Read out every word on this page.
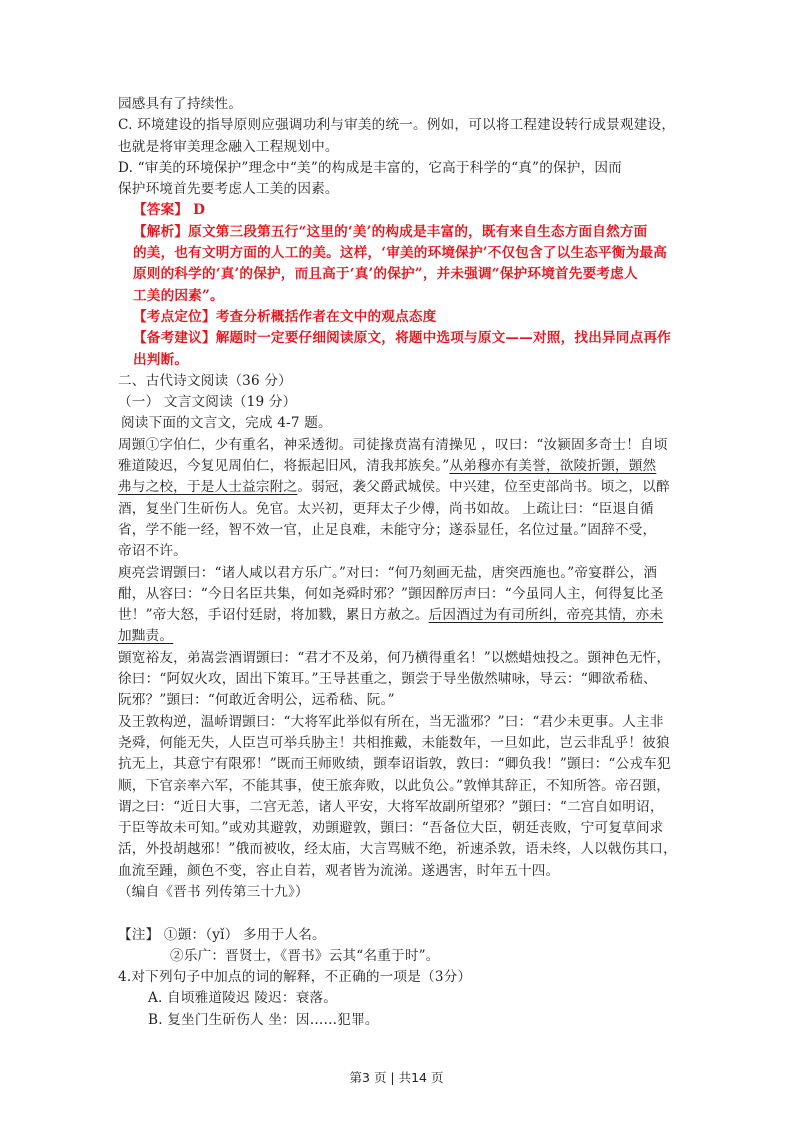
园感具有了持续性。
C. 环境建设的指导原则应强调功利与审美的统一。例如，可以将工程建设转行成景观建设，
也就是将审美理念融入工程规划中。
D. “审美的环境保护”理念中“美”的构成是丰富的，它高于科学的“真”的保护，因而
保护环境首先要考虑人工美的因素。
【答案】 D
【解析】原文第三段第五行“这里的‘美’的构成是丰富的，既有来自生态方面自然方面
的美，也有文明方面的人工的美。这样，‘审美的环境保护’不仅包含了以生态平衡为最高
原则的科学的‘真’的保护，而且高于‘真’的保护”，并未强调“保护环境首先要考虑人
工美的因素”。
【考点定位】考查分析概括作者在文中的观点态度
【备考建议】解题时一定要仔细阅读原文，将题中选项与原文——对照，找出异同点再作
出判断。
二、古代诗文阅读（36 分）
（一） 文言文阅读（19 分）
阅读下面的文言文，完成 4-7 题。
周顗①字伯仁，少有重名，神采透彻。司徒掾贲嵩有清操见 ，叹曰：“汝颍固多奇士！自顷
雅道陵迟，今复见周伯仁，将振起旧风，清我邦族矣。”从弟穆亦有美誉，欲陵折顗，顗然
弗与之校，于是人士益宗附之。弱冠，袭父爵武城侯。中兴建，位至吏部尚书。顷之，以醉
酒，复坐门生斫伤人。免官。太兴初，更拜太子少傅，尚书如故。 上疏让曰：“臣退自循
省，学不能一经，智不效一官，止足良难，未能守分；遂忝显任，名位过量。”固辞不受，
帝诏不许。
庾亮尝谓顗曰：“诸人咸以君方乐广。”对曰：“何乃刻画无盐，唐突西施也。”帝宴群公，酒
酣，从容曰：“今日名臣共集，何如尧舜时邪？”顗因醉厉声曰：“今虽同人主，何得复比圣
世！”帝大怒，手诏付廷尉，将加戮，累日方赦之。后因酒过为有司所纠，帝亮其情，亦未
加黜责。
顗宽裕友，弟嵩尝酒谓顗曰：“君才不及弟，何乃横得重名！”以燃蜡烛投之。顗神色无忤，
徐曰：“阿奴火攻，固出下策耳。”王导甚重之，顗尝于导坐傲然啸咏，导云：“卿欲希嵇、
阮邪？”顗曰：“何敢近舍明公，远希嵇、阮。”
及王敦构逆，温峤谓顗曰：“大将军此举似有所在，当无滥邪？”曰：“君少未更事。人主非
尧舜，何能无失，人臣岂可举兵胁主！共相推戴，未能数年，一旦如此，岂云非乱乎！彼狼
抗无上，其意宁有限邪！”既而王师败绩，顗奉诏诣敦，敦曰：“卿负我！”顗曰：“公戎车犯
顺，下官亲率六军，不能其事，使王旅奔败，以此负公。”敦惮其辞正，不知所答。帝召顗，
谓之曰：“近日大事，二宫无恙，诸人平安，大将军故副所望邪？”顗曰：“二宫自如明诏，
于臣等故未可知。”或劝其避敦，劝顗避敦，顗曰：“吾备位大臣，朝廷丧败，宁可复草间求
活，外投胡越邪！”俄而被收，经太庙，大言骂贼不绝，祈速杀敦，语未终，人以戟伤其口，
血流至踵，颜色不变，容止自若，观者皆为流涕。遂遇害，时年五十四。
（编自《晋书 列传第三十九》）
【注】 ①顗：（yǐ） 多用于人名。
②乐广：晋贤士，《晋书》云其“名重于时”。
4.对下列句子中加点的词的解释，不正确的一项是（3分）
A. 自顷雅道陵迟 陵迟：衰落。
B. 复坐门生斫伤人 坐：因……犯罪。
第3 页 | 共14 页
